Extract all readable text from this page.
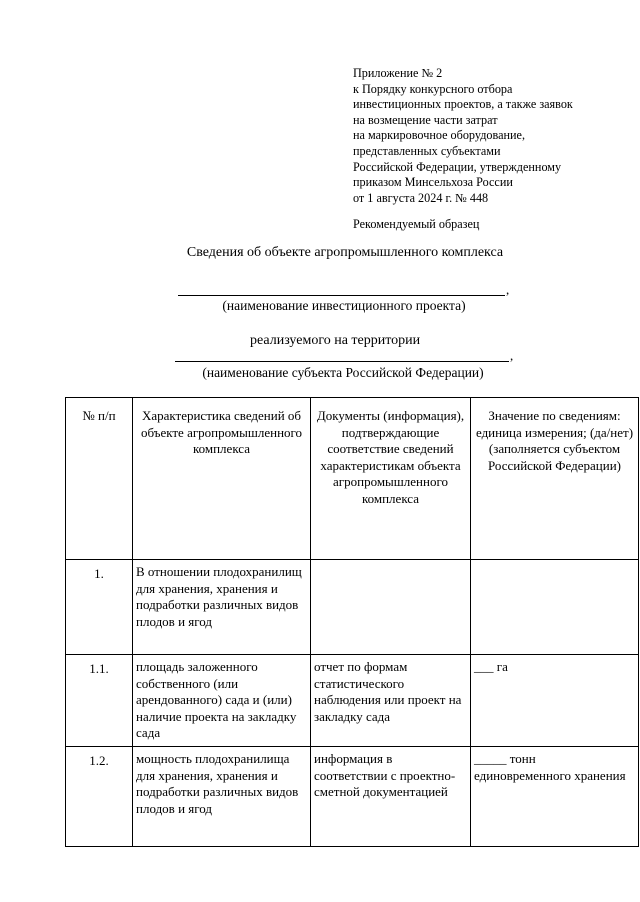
Приложение № 2
к Порядку конкурсного отбора
инвестиционных проектов, а также заявок
на возмещение части затрат
на маркировочное оборудование,
представленных субъектами
Российской Федерации, утвержденному
приказом Минсельхоза России
от 1 августа 2024 г. № 448
Рекомендуемый образец
Сведения об объекте агропромышленного комплекса
,
(наименование инвестиционного проекта)
реализуемого на территории
,
(наименование субъекта Российской Федерации)
№ п/п	Характеристика сведений об объекте агропромышленного комплекса	Документы (информация), подтверждающие соответствие сведений характеристикам объекта агропромышленного комплекса	Значение по сведениям: единица измерения; (да/нет) (заполняется субъектом Российской Федерации)
1.	В отношении плодохранилищ для хранения, хранения и подработки различных видов плодов и ягод		
1.1.	площадь заложенного собственного (или арендованного) сада и (или) наличие проекта на закладку сада	отчет по формам статистического наблюдения или проект на закладку сада	___ га
1.2.	мощность плодохранилища для хранения, хранения и подработки различных видов плодов и ягод	информация в соответствии с проектно-сметной документацией	_____ тонн единовременного хранения
